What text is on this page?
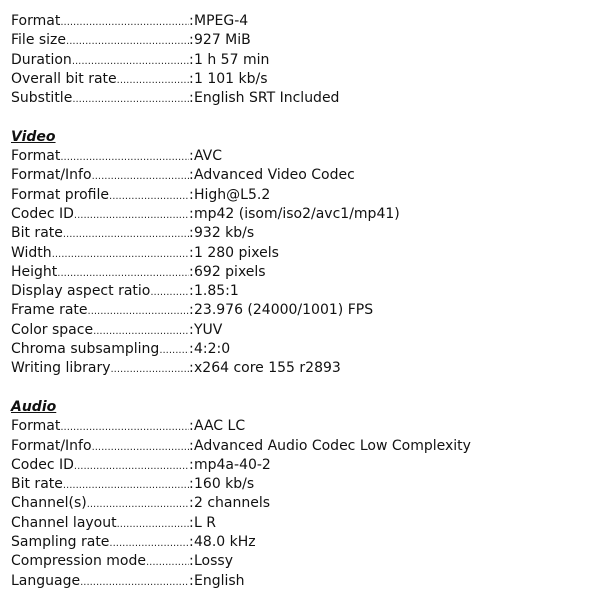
A1Rip
Format .....	: MPEG-4
File size .....	: 927 MiB
Duration .....	: 1 h 57 min
Overall bit rate .....	: 1 101 kb/s
Substitle .....	: English SRT Included
Video
Format .....	: AVC
Format/Info .....	: Advanced Video Codec
Format profile .....	: High@L5.2
Codec ID .....	: mp42 (isom/iso2/avc1/mp41)
Bit rate .....	: 932 kb/s
Width .....	: 1 280 pixels
Height .....	: 692 pixels
Display aspect ratio .....	: 1.85:1
Frame rate .....	: 23.976 (24000/1001) FPS
Color space .....	: YUV
Chroma subsampling .....	: 4:2:0
Writing library .....	: x264 core 155 r2893
Audio
Format .....	: AAC LC
Format/Info .....	: Advanced Audio Codec Low Complexity
Codec ID .....	: mp4a-40-2
Bit rate .....	: 160 kb/s
Channel(s) .....	: 2 channels
Channel layout .....	: L R
Sampling rate .....	: 48.0 kHz
Compression mode .....	: Lossy
Language .....	: English
